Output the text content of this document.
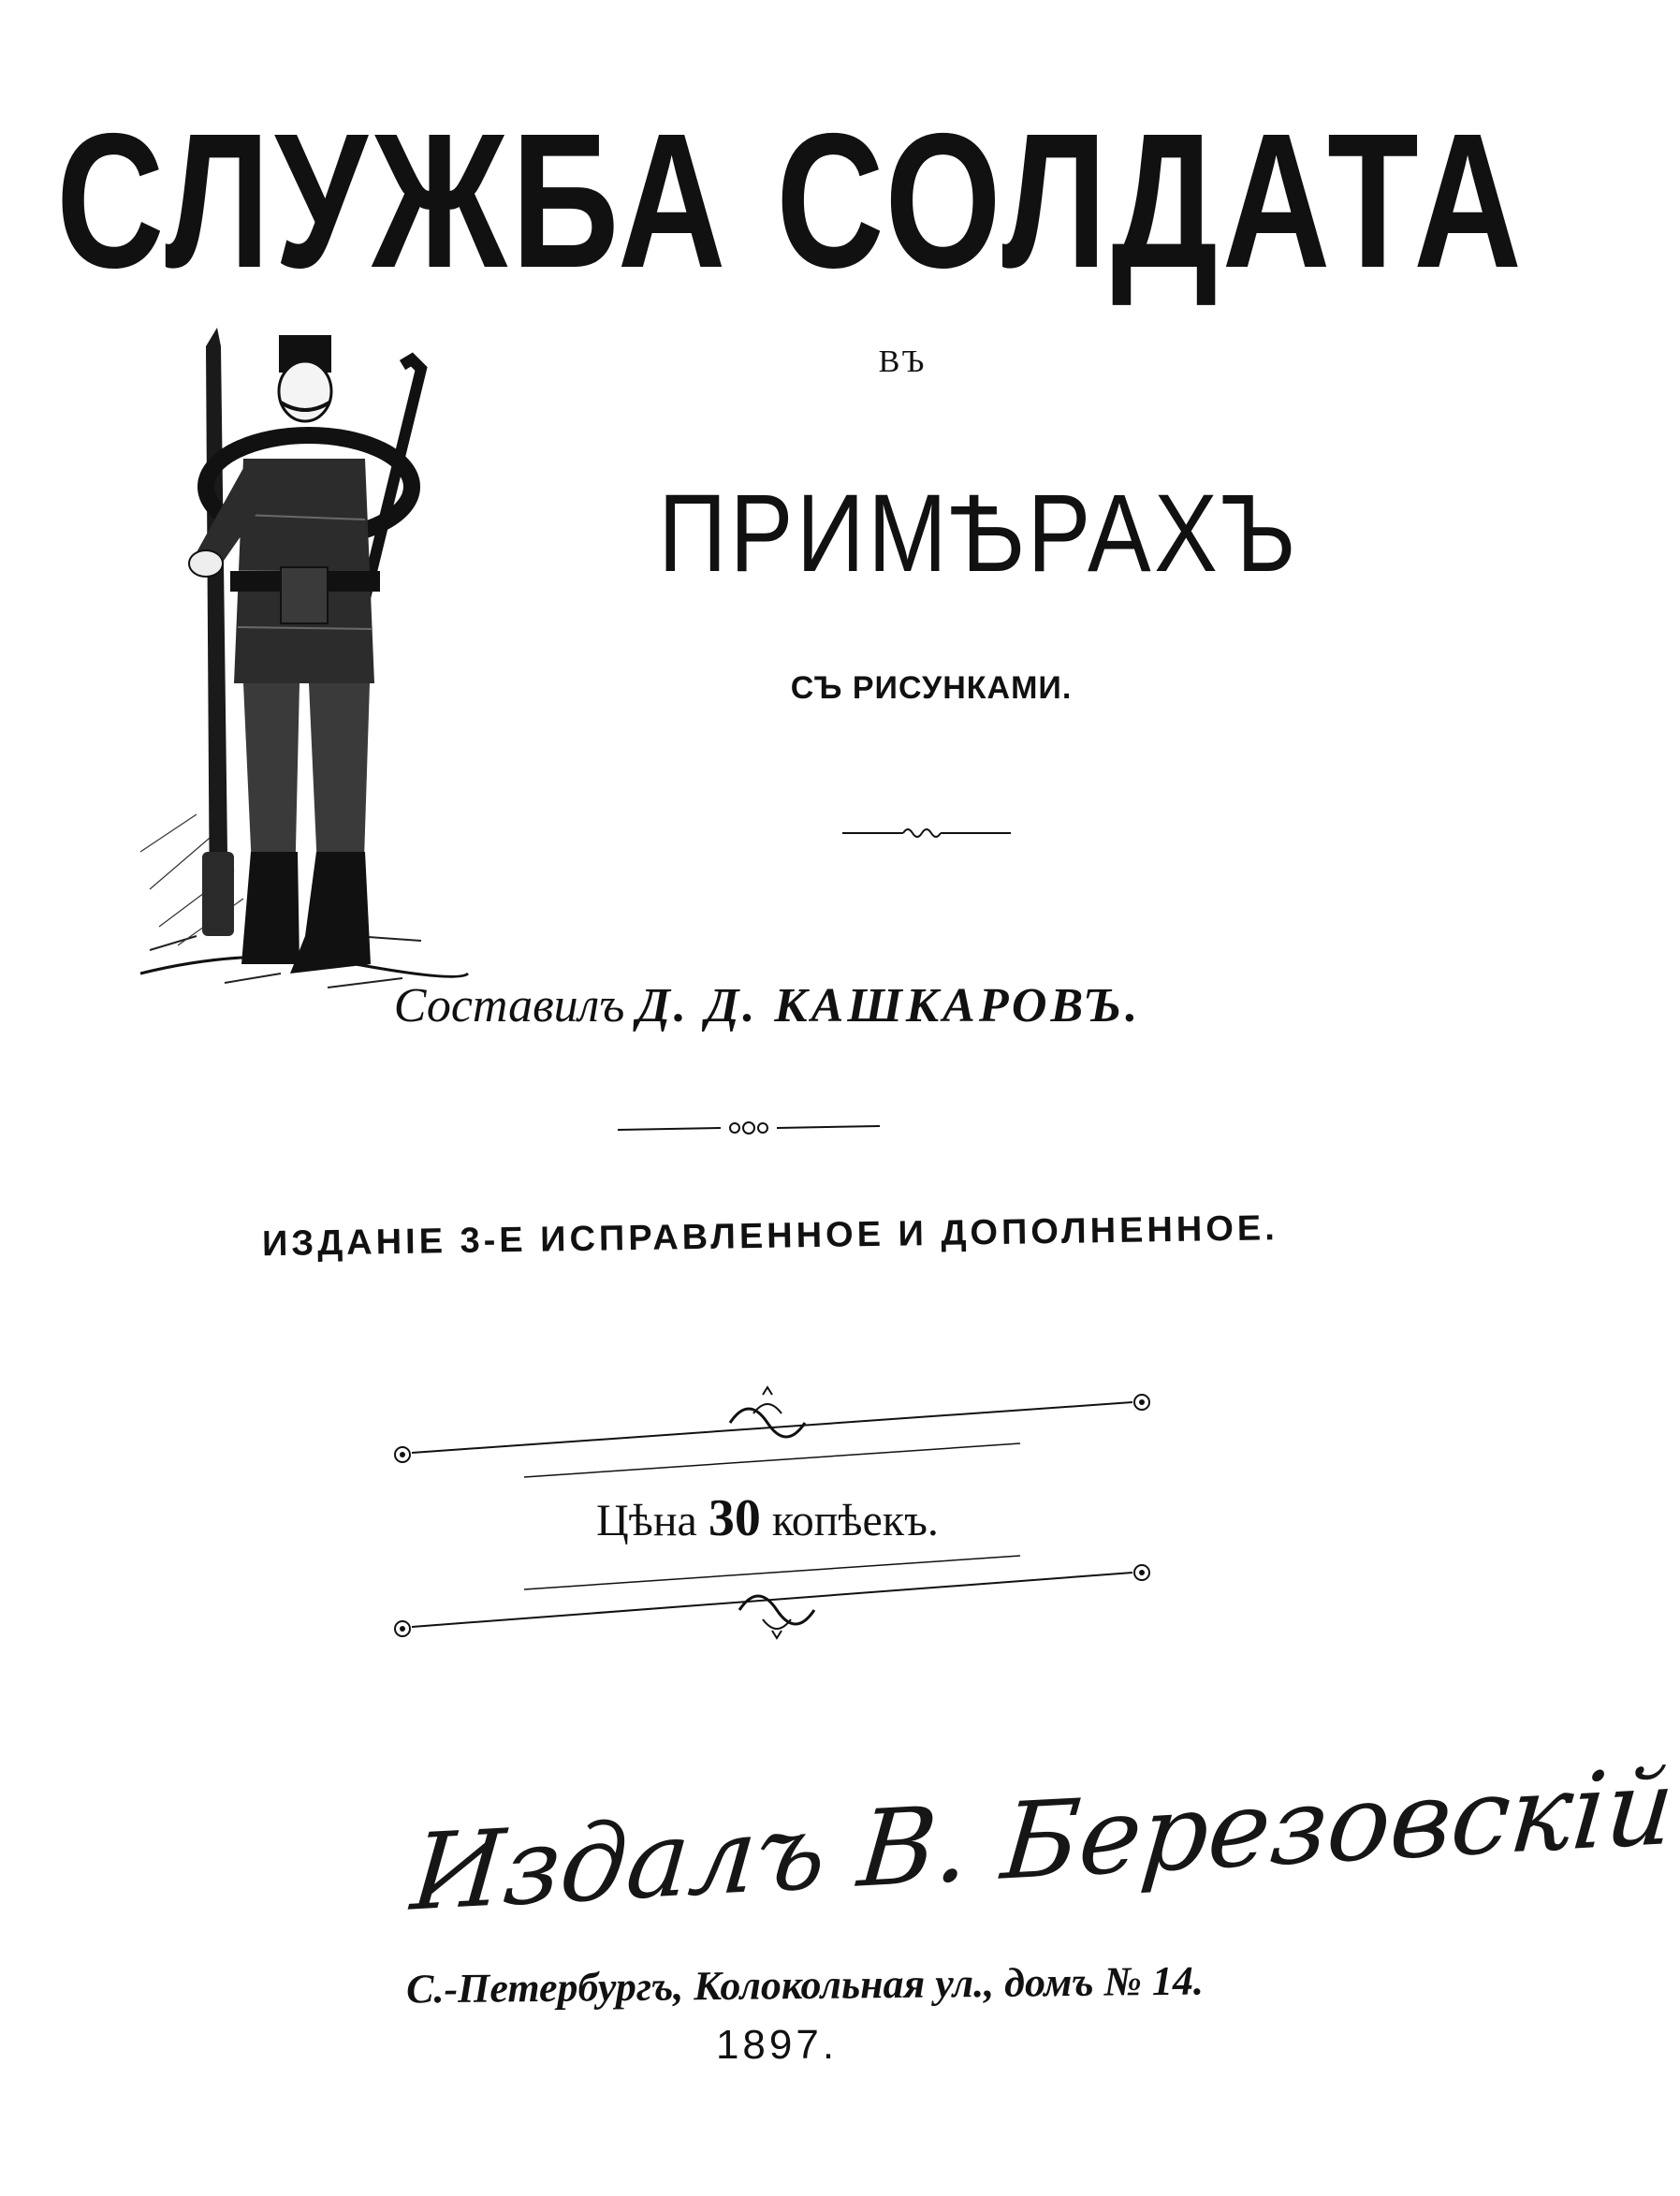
СЛУЖБА СОЛДАТА
ВЪ
ПРИМѢРАХЪ
СЪ РИСУНКАМИ.
Составилъ Д. Д. КАШКАРОВЪ.
ИЗДАНІЕ 3-Е ИСПРАВЛЕННОЕ И ДОПОЛНЕННОЕ.
Цѣна 30 копѣекъ.
Издалъ В. Березовскій
С.-Петербургъ, Колокольная ул., домъ № 14.
1897.
